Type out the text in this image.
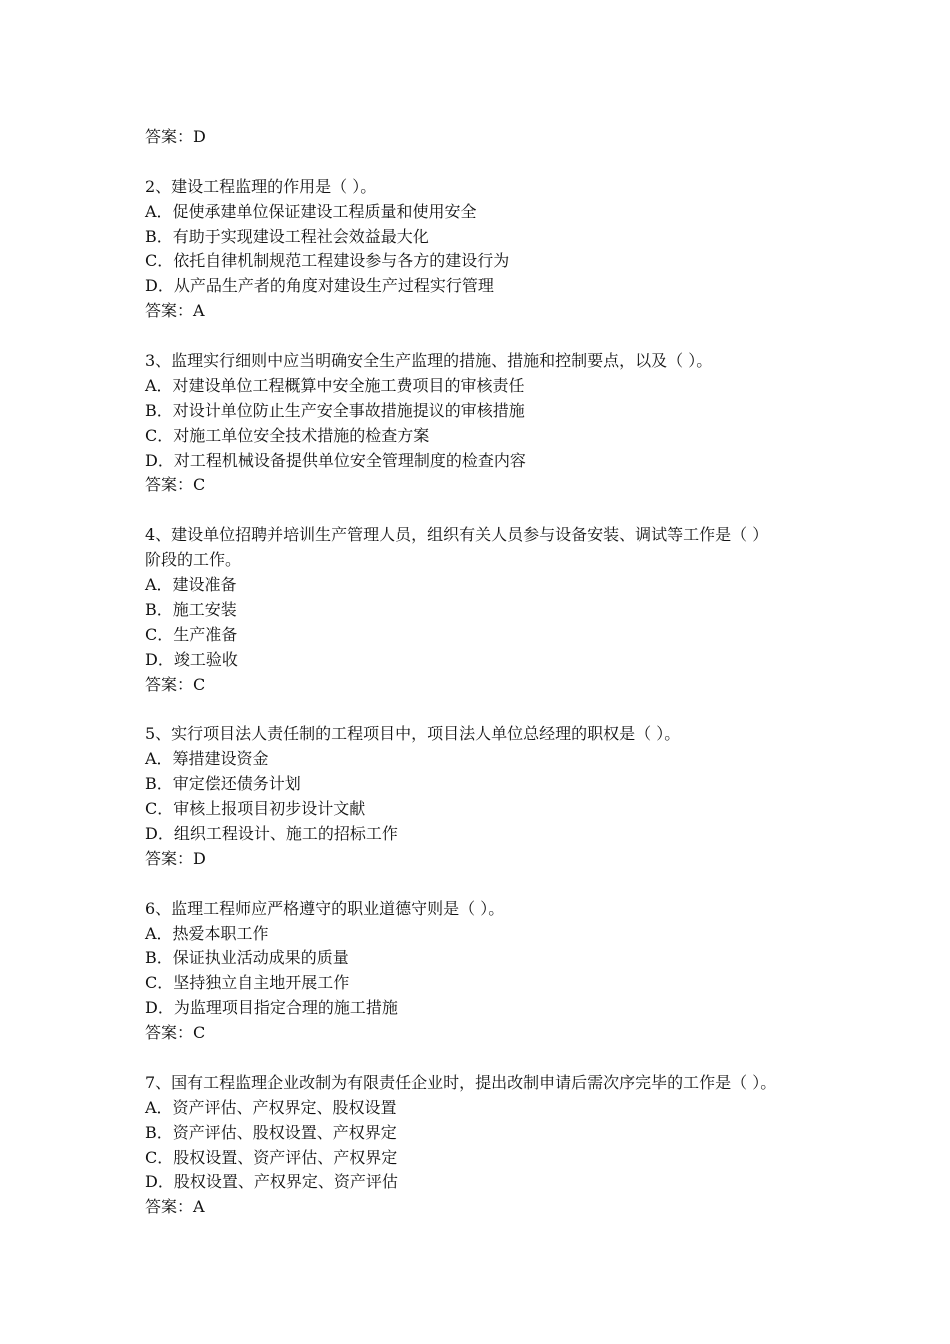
答案：D
2、建设工程监理的作用是（ ）。
A．促使承建单位保证建设工程质量和使用安全
B．有助于实现建设工程社会效益最大化
C．依托自律机制规范工程建设参与各方的建设行为
D．从产品生产者的角度对建设生产过程实行管理
答案：A
3、监理实行细则中应当明确安全生产监理的措施、措施和控制要点，以及（ ）。
A．对建设单位工程概算中安全施工费项目的审核责任
B．对设计单位防止生产安全事故措施提议的审核措施
C．对施工单位安全技术措施的检查方案
D．对工程机械设备提供单位安全管理制度的检查内容
答案：C
4、建设单位招聘并培训生产管理人员，组织有关人员参与设备安装、调试等工作是（ ）
阶段的工作。
A．建设准备
B．施工安装
C．生产准备
D．竣工验收
答案：C
5、实行项目法人责任制的工程项目中，项目法人单位总经理的职权是（ ）。
A．筹措建设资金
B．审定偿还债务计划
C．审核上报项目初步设计文献
D．组织工程设计、施工的招标工作
答案：D
6、监理工程师应严格遵守的职业道德守则是（ ）。
A．热爱本职工作
B．保证执业活动成果的质量
C．坚持独立自主地开展工作
D．为监理项目指定合理的施工措施
答案：C
7、国有工程监理企业改制为有限责任企业时，提出改制申请后需次序完毕的工作是（ ）。
A．资产评估、产权界定、股权设置
B．资产评估、股权设置、产权界定
C．股权设置、资产评估、产权界定
D．股权设置、产权界定、资产评估
答案：A
